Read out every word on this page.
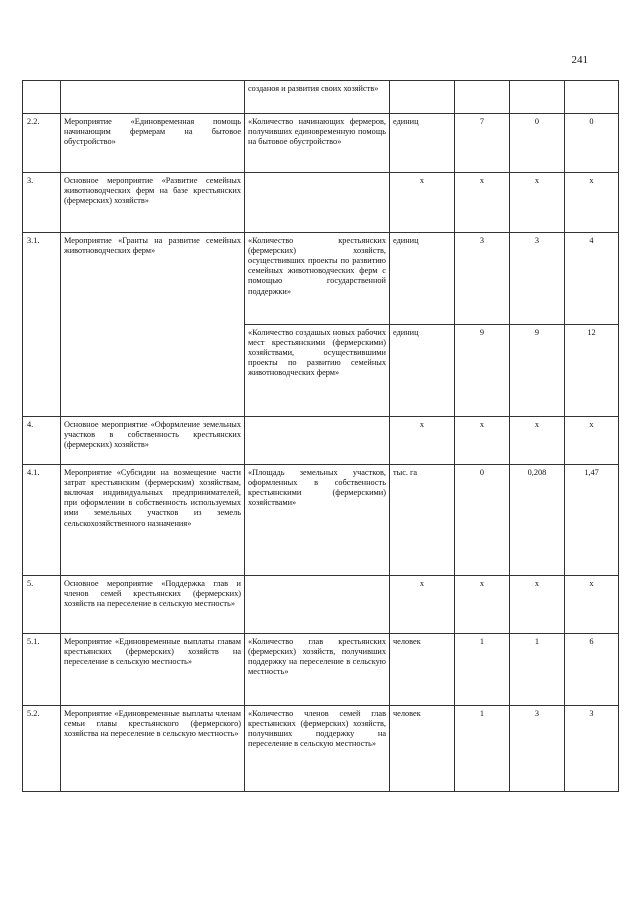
241
		созданоя и развития своих хозяйств»				
2.2.	Мероприятие «Единовременная помощь начинающим фермерам на бытовое обустройство»	«Количество начинающих фермеров, получивших единовременную помощь на бытовое обустройство»	единиц	7	0	0
3.	Основное мероприятие «Развитие семейных животноводческих ферм на базе крестьянских (фермерских) хозяйств»		х	х	х	х
3.1.	Мероприятие «Гранты на развитие семейных животноводческих ферм»	«Количество крестьянских (фермерских) хозяйств, осуществивших проекты по развитию семейных животноводческих ферм с помощью государственной поддержки»	единиц	3	3	4
		«Количество создашых новых рабочих мест крестьянскими (фермерскими) хозяйствами, осуществившими проекты по развитию семейных животноводческих ферм»	единиц	9	9	12
4.	Основное мероприятие «Оформление земельных участков в собственность крестьянских (фермерских) хозяйств»		х	х	х	х
4.1.	Мероприятие «Субсидии на возмещение части затрат крестьянским (фермерским) хозяйствам, включая индивидуальных предпринимателей, при оформлении в собственность используемых ими земельных участков из земель сельскохозяйственного назначения»	«Площадь земельных участков, оформленных в собственность крестьянскими (фермерскими) хозяйствами»	тыс. га	0	0,208	1,47
5.	Основное мероприятие «Поддержка глав и членов семей крестьянских (фермерских) хозяйств на переселение в сельскую местность»		х	х	х	х
5.1.	Мероприятие «Единовременные выплаты главам крестьянских (фермерских) хозяйств на переселение в сельскую местность»	«Количество глав крестьянских (фермерских) хозяйств, получивших поддержку на переселение в сельскую местность»	человек	1	1	6
5.2.	Мероприятие «Единовременные выплаты членам семьи главы крестьянского (фермерского) хозяйства на переселение в сельскую местность»	«Количество членов семей глав крестьянских (фермерских) хозяйств, получивших поддержку на переселение в сельскую местность»	человек	1	3	3
